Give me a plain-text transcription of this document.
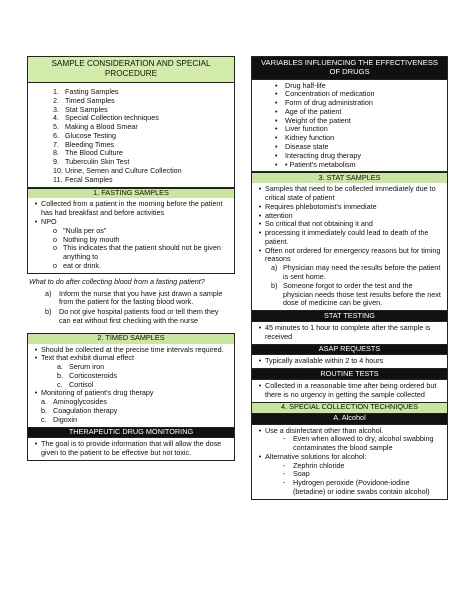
SAMPLE CONSIDERATION AND SPECIAL PROCEDURE
1. Fasting Samples
2. Timed Samples
3. Stat Samples
4. Special Collection techniques
5. Making a Blood Smear
6. Glucose Testing
7. Bleeding Times
8. The Blood Culture
9. Tuberculin Skin Test
10. Urine, Semen and Culture Collection
11. Fecal Samples
1. FASTING SAMPLES
• Collected from a patient in the morning before the patient has had breakfast and before activities
• NPO
o "Nulla per os"
o Nothing by mouth
o This indicates that the patient should not be given anything to
o eat or drink.
What to do after collecting blood from a fasting patient?
a)	Inform the nurse that you have just drawn a sample from the patient for the fasting blood work.
b)	Do not give hospital patients food or tell them they can eat without first checking with the nurse
2. TIMED SAMPLES
• Should be collected at the precise time intervals required.
• Text that exhibit diurnal effect
a. Serum iron
b. Corticosteroids
c. Cortisol
• Monitoring of patient's drug therapy
a. Aminoglycosides
b. Coagulation therapy
c. Digoxin
THERAPEUTIC DRUG MONITORING
• The goal is to provide information that will allow the dose given to the patient to be effective but not toxic.
VARIABLES INFLUENCING THE EFFECTIVENESS OF DRUGS
•	Drug half-life
•	Concentration of medication
•	Form of drug administration
•	Age of the patient
•	Weight of the patient
•	Liver function
•	Kidney function
•	Disease state
•	Interacting drug therapy
•	• Patient's metabolism
3. STAT SAMPLES
• Samples that need to be collected immediately due to critical state of patient
• Requires phlebotomist's immediate
• attention
• So critical that not obtaining it and
• processing it immediately could lead to death of the patient.
• Often not ordered for emergency reasons but for timing reasons
a) Physician may need the results before the patient is sent home.
b) Someone forgot to order the test and the physician needs those test results before the next dose of medicine can be given.
STAT TESTING
• 45 minutes to 1 hour to complete after the sample is received
ASAP REQUESTS
• Typically available within 2 to 4 hours
ROUTINE TESTS
• Collected in a reasonable time after being ordered but there is no urgency in getting the sample collected
4. SPECIAL COLLECTION TECHNIQUES
A. Alcohol
• Use a disinfectant other than alcohol.
-	Even when allowed to dry, alcohol swabbing contaminates the blood sample
• Alternative solutions for alcohol:
-	Zephrin chloride
-	Soap
-	Hydrogen peroxide (Povidone-iodine (betadine) or iodine swabs contain alcohol)
